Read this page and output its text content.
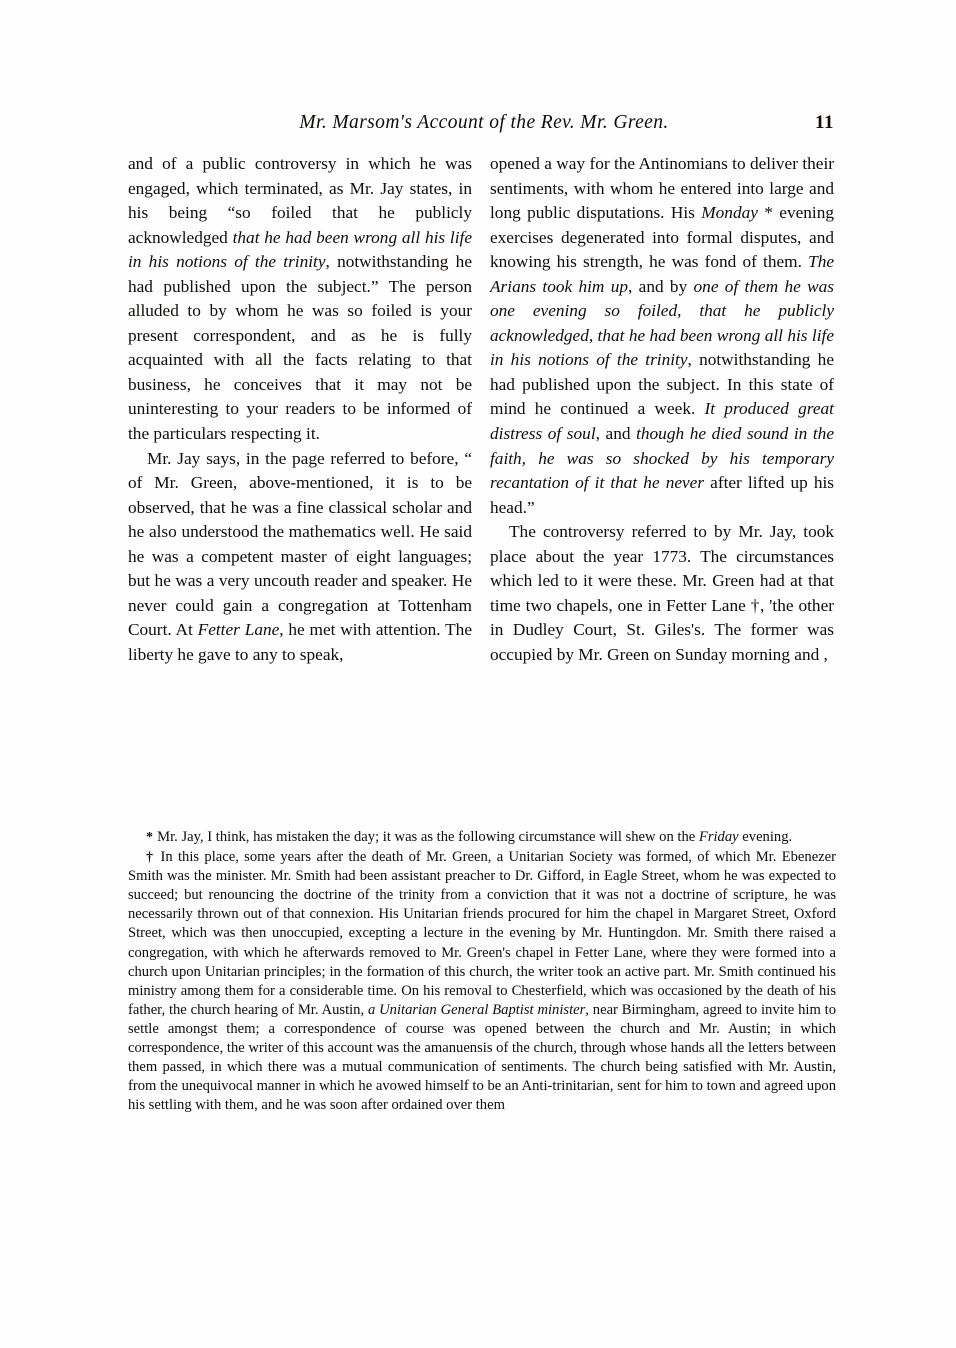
Mr. Marsom's Account of the Rev. Mr. Green.	11

and of a public controversy in which he was engaged, which terminated, as Mr. Jay states, in his being “so foiled that he publicly acknowledged that he had been wrong all his life in his notions of the trinity, notwithstanding he had published upon the subject.” The person alluded to by whom he was so foiled is your present correspondent, and as he is fully acquainted with all the facts relating to that business, he conceives that it may not be uninteresting to your readers to be informed of the particulars respecting it.

Mr. Jay says, in the page referred to before, “ of Mr. Green, above-mentioned, it is to be observed, that he was a fine classical scholar and he also understood the mathematics well. He said he was a competent master of eight languages; but he was a very uncouth reader and speaker. He never could gain a congregation at Tottenham Court. At Fetter Lane, he met with attention. The liberty he gave to any to speak,

opened a way for the Antinomians to deliver their sentiments, with whom he entered into large and long public disputations. His Monday * evening exercises degenerated into formal disputes, and knowing his strength, he was fond of them. The Arians took him up, and by one of them he was one evening so foiled, that he publicly acknowledged, that he had been wrong all his life in his notions of the trinity, notwithstanding he had published upon the subject. In this state of mind he continued a week. It produced great distress of soul, and though he died sound in the faith, he was so shocked by his temporary recantation of it that he never after lifted up his head.”

The controversy referred to by Mr. Jay, took place about the year 1773. The circumstances which led to it were these. Mr. Green had at that time two chapels, one in Fetter Lane †, 'the other in Dudley Court, St. Giles's. The former was occupied by Mr. Green on Sunday morning and ,

* Mr. Jay, I think, has mistaken the day; it was as the following circumstance will shew on the Friday evening.

† In this place, some years after the death of Mr. Green, a Unitarian Society was formed, of which Mr. Ebenezer Smith was the minister. Mr. Smith had been assistant preacher to Dr. Gifford, in Eagle Street, whom he was expected to succeed; but renouncing the doctrine of the trinity from a conviction that it was not a doctrine of scripture, he was necessarily thrown out of that connexion. His Unitarian friends procured for him the chapel in Margaret Street, Oxford Street, which was then unoccupied, excepting a lecture in the evening by Mr. Huntingdon. Mr. Smith there raised a congregation, with which he afterwards removed to Mr. Green's chapel in Fetter Lane, where they were formed into a church upon Unitarian principles; in the formation of this church, the writer took an active part. Mr. Smith continued his ministry among them for a considerable time. On his removal to Chesterfield, which was occasioned by the death of his father, the church hearing of Mr. Austin, a Unitarian General Baptist minister, near Birmingham, agreed to invite him to settle amongst them; a correspondence of course was opened between the church and Mr. Austin; in which correspondence, the writer of this account was the amanuensis of the church, through whose hands all the letters between them passed, in which there was a mutual communication of sentiments. The church being satisfied with Mr. Austin, from the unequivocal manner in which he avowed himself to be an Anti-trinitarian, sent for him to town and agreed upon his settling with them, and he was soon after ordained over them
